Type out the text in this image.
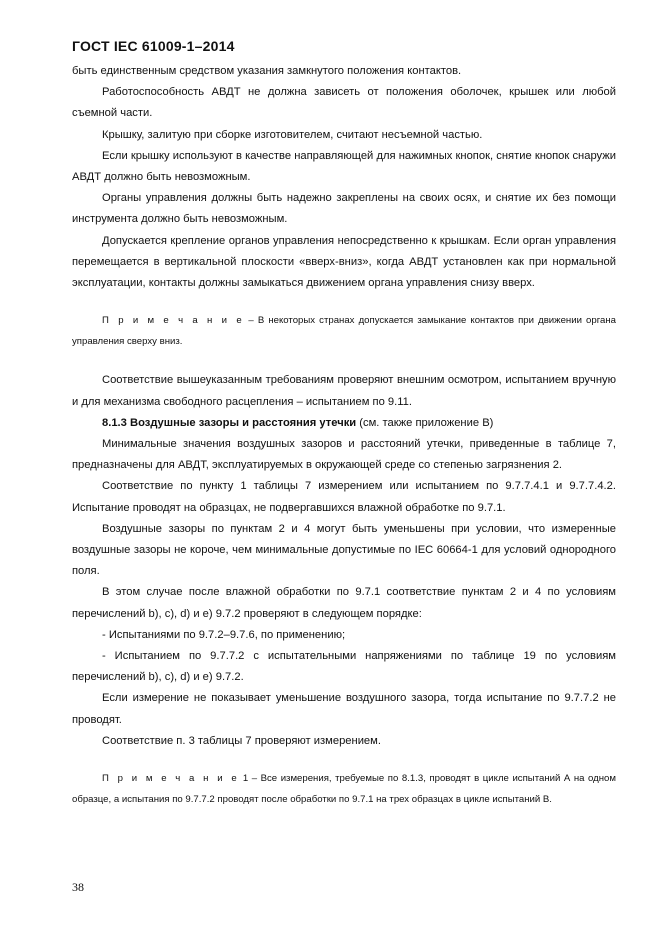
ГОСТ IEC 61009-1–2014

быть единственным средством указания замкнутого положения контактов.

Работоспособность АВДТ не должна зависеть от положения оболочек, крышек или любой съемной части.

Крышку, залитую при сборке изготовителем, считают несъемной частью.

Если крышку используют в качестве направляющей для нажимных кнопок, снятие кнопок снаружи АВДТ должно быть невозможным.

Органы управления должны быть надежно закреплены на своих осях, и снятие их без помощи инструмента должно быть невозможным.

Допускается крепление органов управления непосредственно к крышкам. Если орган управления перемещается в вертикальной плоскости «вверх-вниз», когда АВДТ установлен как при нормальной эксплуатации, контакты должны замыкаться движением органа управления снизу вверх.

П р и м е ч а н и е – В некоторых странах допускается замыкание контактов при движении органа управления сверху вниз.

Соответствие вышеуказанным требованиям проверяют внешним осмотром, испытанием вручную и для механизма свободного расцепления – испытанием по 9.11.

8.1.3 Воздушные зазоры и расстояния утечки (см. также приложение В)

Минимальные значения воздушных зазоров и расстояний утечки, приведенные в таблице 7, предназначены для АВДТ, эксплуатируемых в окружающей среде со степенью загрязнения 2.

Соответствие по пункту 1 таблицы 7 измерением или испытанием по 9.7.7.4.1 и 9.7.7.4.2. Испытание проводят на образцах, не подвергавшихся влажной обработке по 9.7.1.

Воздушные зазоры по пунктам 2 и 4 могут быть уменьшены при условии, что измеренные воздушные зазоры не короче, чем минимальные допустимые по IEC 60664-1 для условий однородного поля.

В этом случае после влажной обработки по 9.7.1 соответствие пунктам 2 и 4 по условиям перечислений b), c), d) и e) 9.7.2 проверяют в следующем порядке:

- Испытаниями по 9.7.2–9.7.6, по применению;

- Испытанием по 9.7.7.2 с испытательными напряжениями по таблице 19 по условиям перечислений b), c), d) и e) 9.7.2.

Если измерение не показывает уменьшение воздушного зазора, тогда испытание по 9.7.7.2 не проводят.

Соответствие п. 3 таблицы 7 проверяют измерением.

П р и м е ч а н и е 1 – Все измерения, требуемые по 8.1.3, проводят в цикле испытаний А на одном образце, а испытания по 9.7.7.2 проводят после обработки по 9.7.1 на трех образцах в цикле испытаний В.

38
